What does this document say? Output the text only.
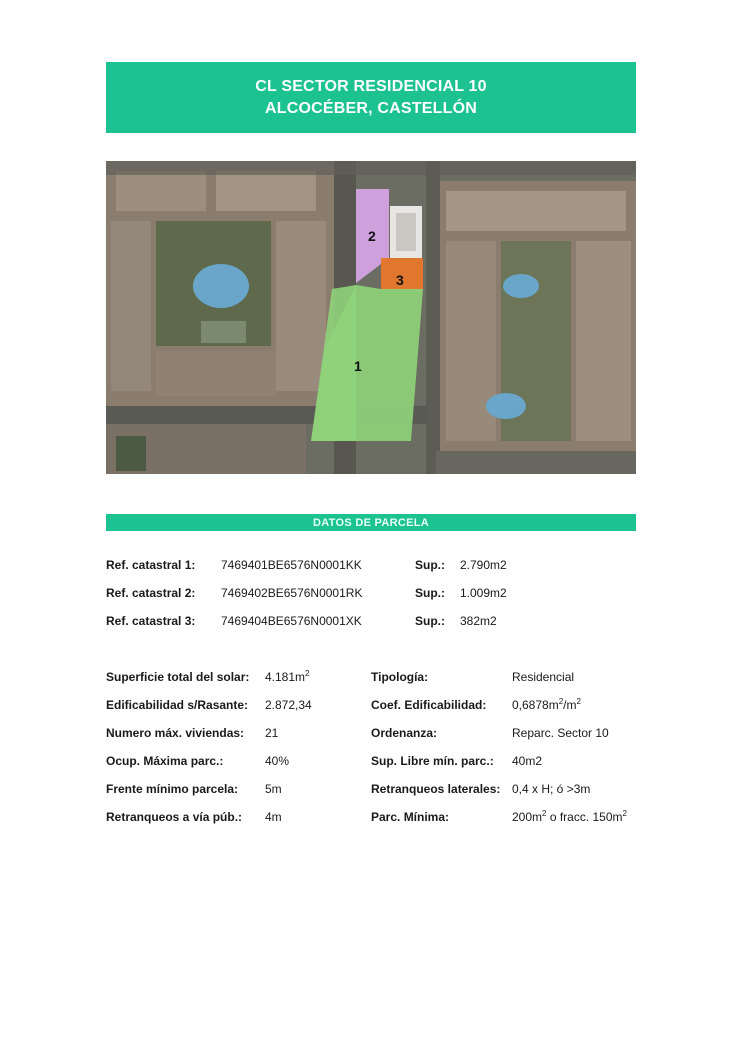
CL SECTOR RESIDENCIAL 10
ALCOCÉBER, CASTELLÓN
2
3
1
DATOS DE PARCELA
Ref. catastral 1: 7469401BE6576N0001KK	Sup.: 2.790m2
Ref. catastral 2: 7469402BE6576N0001RK	Sup.: 1.009m2
Ref. catastral 3: 7469404BE6576N0001XK	Sup.: 382m2
Superficie total del solar: $4.181m^2$	Tipología:	Residencial
Edificabilidad s/Rasante: 2.872,34	Coef. Edificabilidad: $0,6878m^2/m^2$
Numero máx. viviendas: 21	Ordenanza:	Reparc. Sector 10
Ocup. Máxima parc.:	40%	Sup. Libre mín. parc.: 40m2
Frente mínimo parcela: 5m	Retranqueos laterales: 0,4 x H; ó >3m
Retranqueos a vía púb.: 4m	Parc. Mínima:	$200m^2$ o fracc. $150m^2$
